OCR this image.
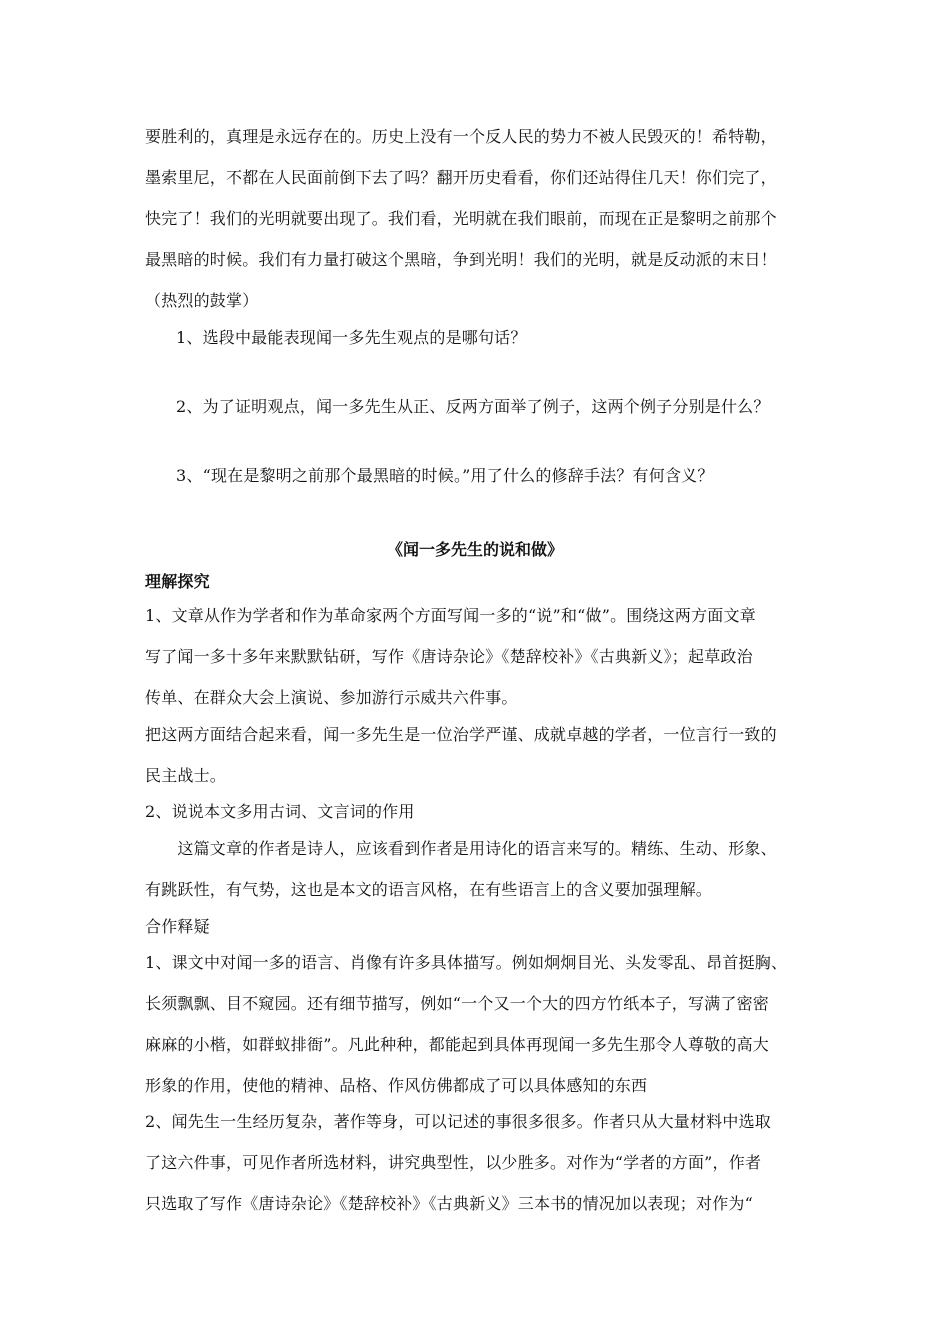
要胜利的，真理是永远存在的。历史上没有一个反人民的势力不被人民毁灭的！希特勒，
墨索里尼，不都在人民面前倒下去了吗？翻开历史看看，你们还站得住几天！你们完了，
快完了！我们的光明就要出现了。我们看，光明就在我们眼前，而现在正是黎明之前那个
最黑暗的时候。我们有力量打破这个黑暗，争到光明！我们的光明，就是反动派的末日！
（热烈的鼓掌）
1、选段中最能表现闻一多先生观点的是哪句话？
2、为了证明观点，闻一多先生从正、反两方面举了例子，这两个例子分别是什么？
3、“现在是黎明之前那个最黑暗的时候。”用了什么的修辞手法？有何含义？
《闻一多先生的说和做》
理解探究
1、文章从作为学者和作为革命家两个方面写闻一多的“说”和“做”。围绕这两方面文章
写了闻一多十多年来默默钻研，写作《唐诗杂论》《楚辞校补》《古典新义》；起草政治
传单、在群众大会上演说、参加游行示威共六件事。
把这两方面结合起来看，闻一多先生是一位治学严谨、成就卓越的学者，一位言行一致的
民主战士。
2、说说本文多用古词、文言词的作用
　　这篇文章的作者是诗人，应该看到作者是用诗化的语言来写的。精练、生动、形象、
有跳跃性，有气势，这也是本文的语言风格，在有些语言上的含义要加强理解。
合作释疑
1、课文中对闻一多的语言、肖像有许多具体描写。例如炯炯目光、头发零乱、昂首挺胸、
长须飘飘、目不窥园。还有细节描写，例如“一个又一个大的四方竹纸本子，写满了密密
麻麻的小楷，如群蚁排衙”。凡此种种，都能起到具体再现闻一多先生那令人尊敬的高大
形象的作用，使他的精神、品格、作风仿佛都成了可以具体感知的东西
2、闻先生一生经历复杂，著作等身，可以记述的事很多很多。作者只从大量材料中选取
了这六件事，可见作者所选材料，讲究典型性，以少胜多。对作为“学者的方面”，作者
只选取了写作《唐诗杂论》《楚辞校补》《古典新义》三本书的情况加以表现；对作为“
